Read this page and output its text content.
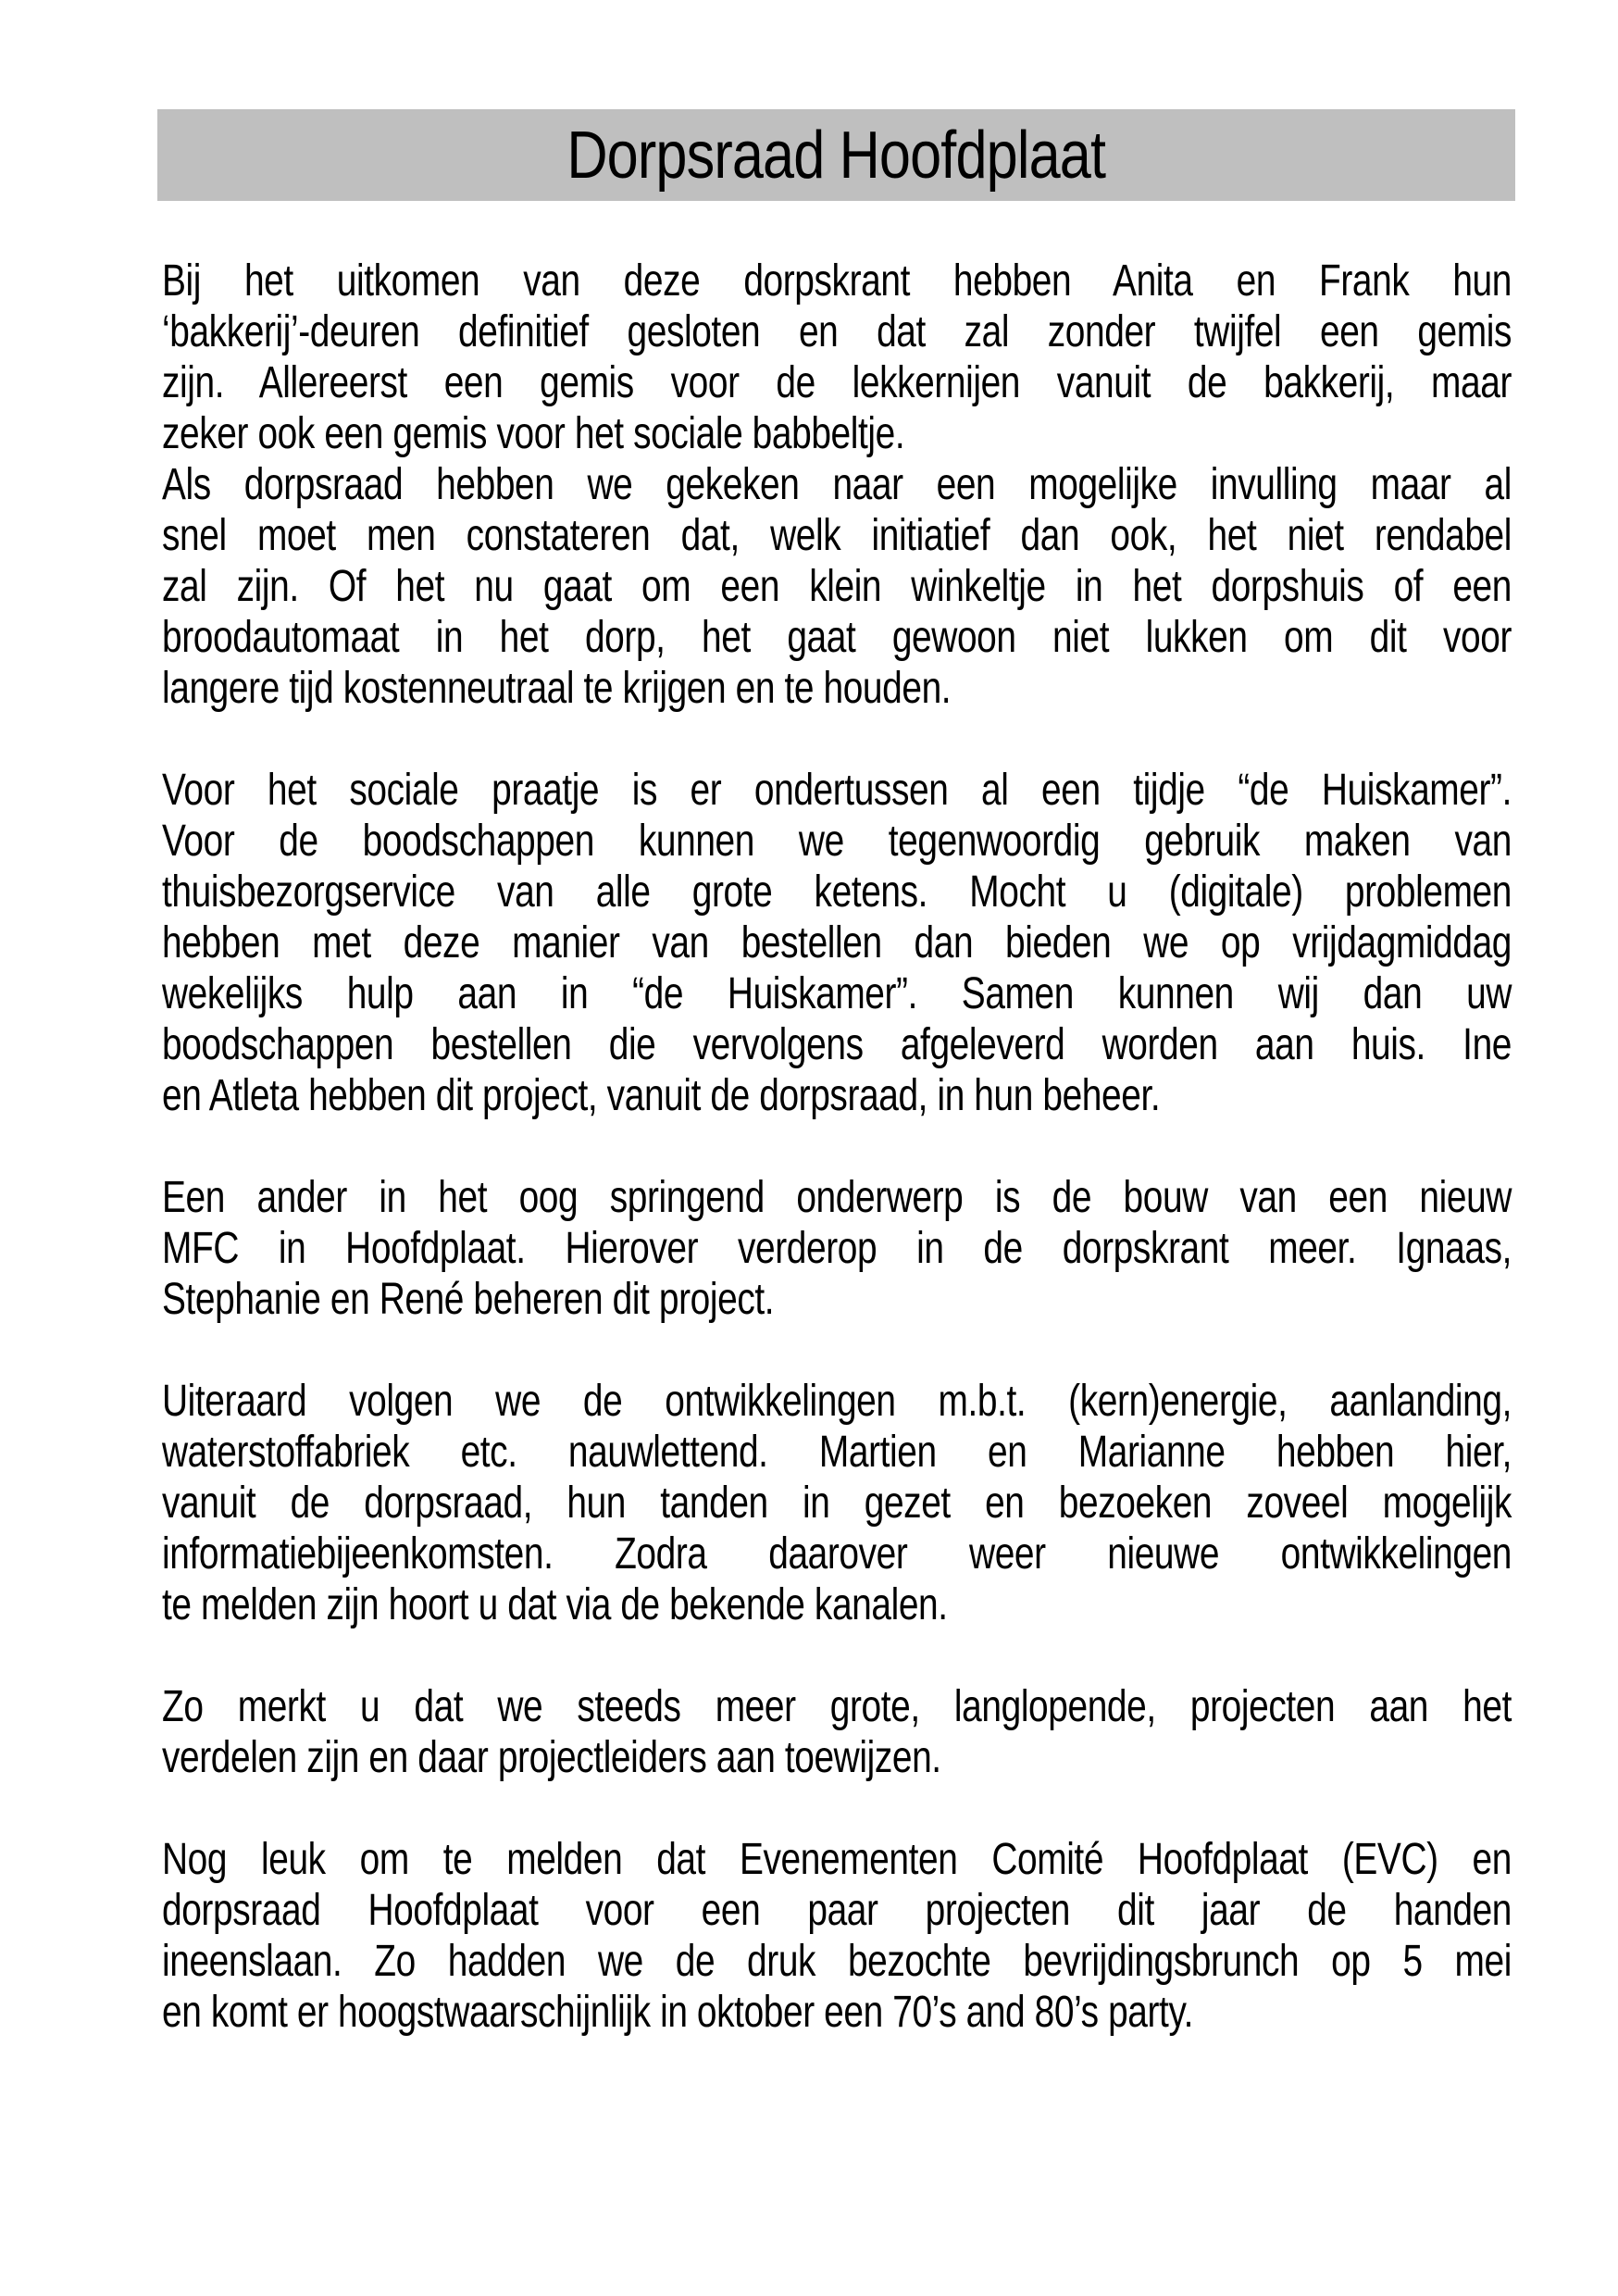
Dorpsraad Hoofdplaat
Bij het uitkomen van deze dorpskrant hebben Anita en Frank hun
‘bakkerij’-deuren definitief gesloten en dat zal zonder twijfel een gemis
zijn. Allereerst een gemis voor de lekkernijen vanuit de bakkerij, maar
zeker ook een gemis voor het sociale babbeltje.
Als dorpsraad hebben we gekeken naar een mogelijke invulling maar al
snel moet men constateren dat, welk initiatief dan ook, het niet rendabel
zal zijn. Of het nu gaat om een klein winkeltje in het dorpshuis of een
broodautomaat in het dorp, het gaat gewoon niet lukken om dit voor
langere tijd kostenneutraal te krijgen en te houden.
Voor het sociale praatje is er ondertussen al een tijdje “de Huiskamer”.
Voor de boodschappen kunnen we tegenwoordig gebruik maken van
thuisbezorgservice van alle grote ketens. Mocht u (digitale) problemen
hebben met deze manier van bestellen dan bieden we op vrijdagmiddag
wekelijks hulp aan in “de Huiskamer”. Samen kunnen wij dan uw
boodschappen bestellen die vervolgens afgeleverd worden aan huis. Ine
en Atleta hebben dit project, vanuit de dorpsraad, in hun beheer.
Een ander in het oog springend onderwerp is de bouw van een nieuw
MFC in Hoofdplaat. Hierover verderop in de dorpskrant meer. Ignaas,
Stephanie en René beheren dit project.
Uiteraard volgen we de ontwikkelingen m.b.t. (kern)energie, aanlanding,
waterstoffabriek etc. nauwlettend. Martien en Marianne hebben hier,
vanuit de dorpsraad, hun tanden in gezet en bezoeken zoveel mogelijk
informatiebijeenkomsten. Zodra daarover weer nieuwe ontwikkelingen
te melden zijn hoort u dat via de bekende kanalen.
Zo merkt u dat we steeds meer grote, langlopende, projecten aan het
verdelen zijn en daar projectleiders aan toewijzen.
Nog leuk om te melden dat Evenementen Comité Hoofdplaat (EVC) en
dorpsraad Hoofdplaat voor een paar projecten dit jaar de handen
ineenslaan. Zo hadden we de druk bezochte bevrijdingsbrunch op 5 mei
en komt er hoogstwaarschijnlijk in oktober een 70’s and 80’s party.
